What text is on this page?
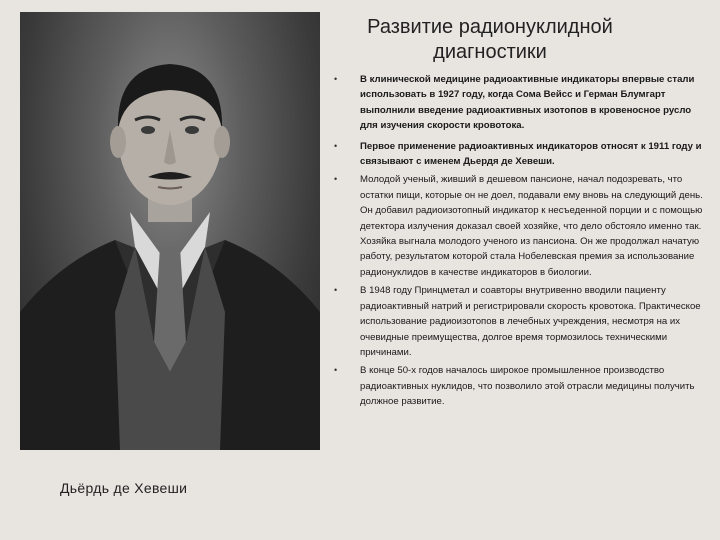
Дьёрдь де Хевеши
Развитие радионуклидной диагностики
• В клинической медицине радиоактивные индикаторы впервые стали использовать в 1927 году, когда Сома Вейсс и Герман Блумгарт выполнили введение радиоактивных изотопов в кровеносное русло для изучения скорости кровотока.
• Первое применение радиоактивных индикаторов относят к 1911 году и связывают с именем Дьердя де Хевеши.
• Молодой ученый, живший в дешевом пансионе, начал подозревать, что остатки пищи, которые он не доел, подавали ему вновь на следующий день. Он добавил радиоизотопный индикатор к несъеденной порции и с помощью детектора излучения доказал своей хозяйке, что дело обстояло именно так. Хозяйка выгнала молодого ученого из пансиона. Он же продолжал начатую работу, результатом которой стала Нобелевская премия за использование радионуклидов в качестве индикаторов в биологии.
• В 1948 году Принцметал и соавторы внутривенно вводили пациенту радиоактивный натрий и регистрировали скорость кровотока. Практическое использование радиоизотопов в лечебных учреждения, несмотря на их очевидные преимущества, долгое время тормозилось техническими причинами.
• В конце 50-х годов началось широкое промышленное производство радиоактивных нуклидов, что позволило этой отрасли медицины получить должное развитие.
